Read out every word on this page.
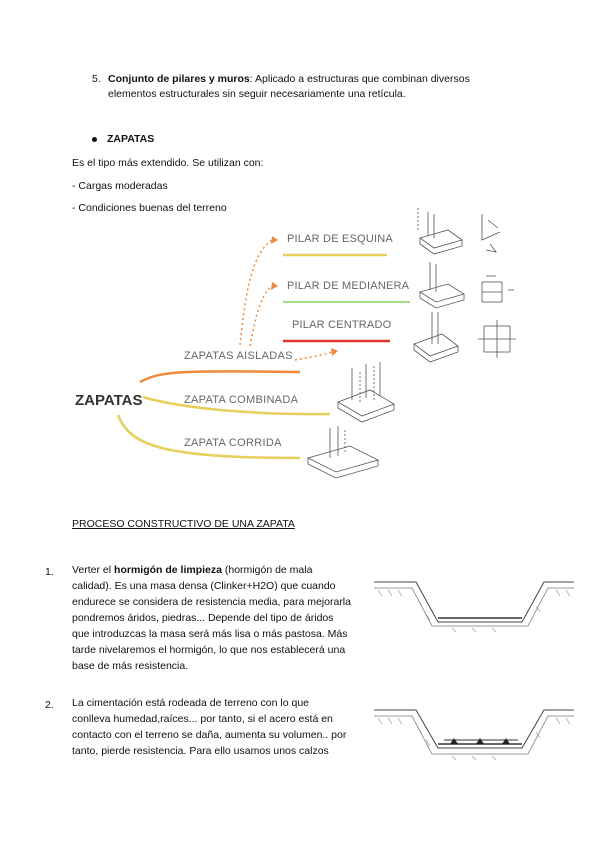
5. Conjunto de pilares y muros: Aplicado a estructuras que combinan diversos
elementos estructurales sin seguir necesariamente una retícula.
ZAPATAS
Es el tipo más extendido. Se utilizan con:
- Cargas moderadas
- Condiciones buenas del terreno
ZAPATAS
ZAPATAS AISLADAS
ZAPATA COMBINADA
ZAPATA CORRIDA
PILAR DE ESQUINA
PILAR DE MEDIANERA
PILAR CENTRADO
PROCESO CONSTRUCTIVO DE UNA ZAPATA
1. Verter el hormigón de limpieza (hormigón de mala
calidad). Es una masa densa (Clinker+H2O) que cuando
endurece se considera de resistencia media, para mejorarla
pondremos áridos, piedras... Depende del tipo de áridos
que introduzcas la masa será más lisa o más pastosa. Más
tarde nivelaremos el hormigón, lo que nos establecerá una
base de más resistencia.
2. La cimentación está rodeada de terreno con lo que
conlleva humedad,raíces... por tanto, si el acero está en
contacto con el terreno se daña, aumenta su volumen.. por
tanto, pierde resistencia. Para ello usamos unos calzos
